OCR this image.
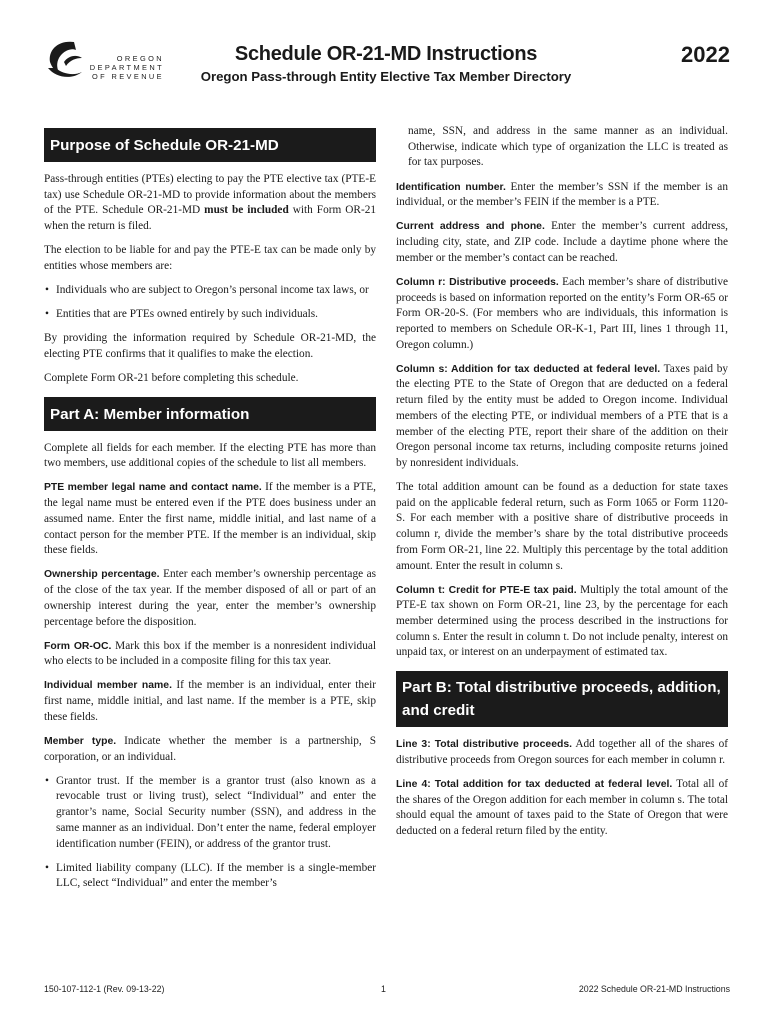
OREGON
DEPARTMENT
OF REVENUE
Schedule OR-21-MD Instructions
Oregon Pass-through Entity Elective Tax Member Directory
2022
Purpose of Schedule OR-21-MD

Pass-through entities (PTEs) electing to pay the PTE elective tax (PTE-E tax) use Schedule OR-21-MD to provide information about the members of the PTE. Schedule OR-21-MD must be included with Form OR-21 when the return is filed.

The election to be liable for and pay the PTE-E tax can be made only by entities whose members are:

• Individuals who are subject to Oregon’s personal income tax laws, or
• Entities that are PTEs owned entirely by such individuals.

By providing the information required by Schedule OR-21-MD, the electing PTE confirms that it qualifies to make the election.

Complete Form OR-21 before completing this schedule.

Part A: Member information

Complete all fields for each member. If the electing PTE has more than two members, use additional copies of the schedule to list all members.

PTE member legal name and contact name. If the member is a PTE, the legal name must be entered even if the PTE does business under an assumed name. Enter the first name, middle initial, and last name of a contact person for the member PTE. If the member is an individual, skip these fields.

Ownership percentage. Enter each member’s ownership percentage as of the close of the tax year. If the member disposed of all or part of an ownership interest during the year, enter the member’s ownership percentage before the disposition.

Form OR-OC. Mark this box if the member is a nonresident individual who elects to be included in a composite filing for this tax year.

Individual member name. If the member is an individual, enter their first name, middle initial, and last name. If the member is a PTE, skip these fields.

Member type. Indicate whether the member is a partnership, S corporation, or an individual.

• Grantor trust. If the member is a grantor trust (also known as a revocable trust or living trust), select “Individual” and enter the grantor’s name, Social Security number (SSN), and address in the same manner as an individual. Don’t enter the name, federal employer identification number (FEIN), or address of the grantor trust.
• Limited liability company (LLC). If the member is a single-member LLC, select “Individual” and enter the member’s

name, SSN, and address in the same manner as an individual. Otherwise, indicate which type of organization the LLC is treated as for tax purposes.

Identification number. Enter the member’s SSN if the member is an individual, or the member’s FEIN if the member is a PTE.

Current address and phone. Enter the member’s current address, including city, state, and ZIP code. Include a daytime phone where the member or the member’s contact can be reached.

Column r: Distributive proceeds. Each member’s share of distributive proceeds is based on information reported on the entity’s Form OR-65 or Form OR-20-S. (For members who are individuals, this information is reported to members on Schedule OR-K-1, Part III, lines 1 through 11, Oregon column.)

Column s: Addition for tax deducted at federal level. Taxes paid by the electing PTE to the State of Oregon that are deducted on a federal return filed by the entity must be added to Oregon income. Individual members of the electing PTE, or individual members of a PTE that is a member of the electing PTE, report their share of the addition on their Oregon personal income tax returns, including composite returns joined by nonresident individuals.

The total addition amount can be found as a deduction for state taxes paid on the applicable federal return, such as Form 1065 or Form 1120-S. For each member with a positive share of distributive proceeds in column r, divide the member’s share by the total distributive proceeds from Form OR-21, line 22. Multiply this percentage by the total addition amount. Enter the result in column s.

Column t: Credit for PTE-E tax paid. Multiply the total amount of the PTE-E tax shown on Form OR-21, line 23, by the percentage for each member determined using the process described in the instructions for column s. Enter the result in column t. Do not include penalty, interest on unpaid tax, or interest on an underpayment of estimated tax.

Part B: Total distributive proceeds, addition, and credit

Line 3: Total distributive proceeds. Add together all of the shares of distributive proceeds from Oregon sources for each member in column r.

Line 4: Total addition for tax deducted at federal level. Total all of the shares of the Oregon addition for each member in column s. The total should equal the amount of taxes paid to the State of Oregon that were deducted on a federal return filed by the entity.

150-107-112-1 (Rev. 09-13-22)	1	2022 Schedule OR-21-MD Instructions
